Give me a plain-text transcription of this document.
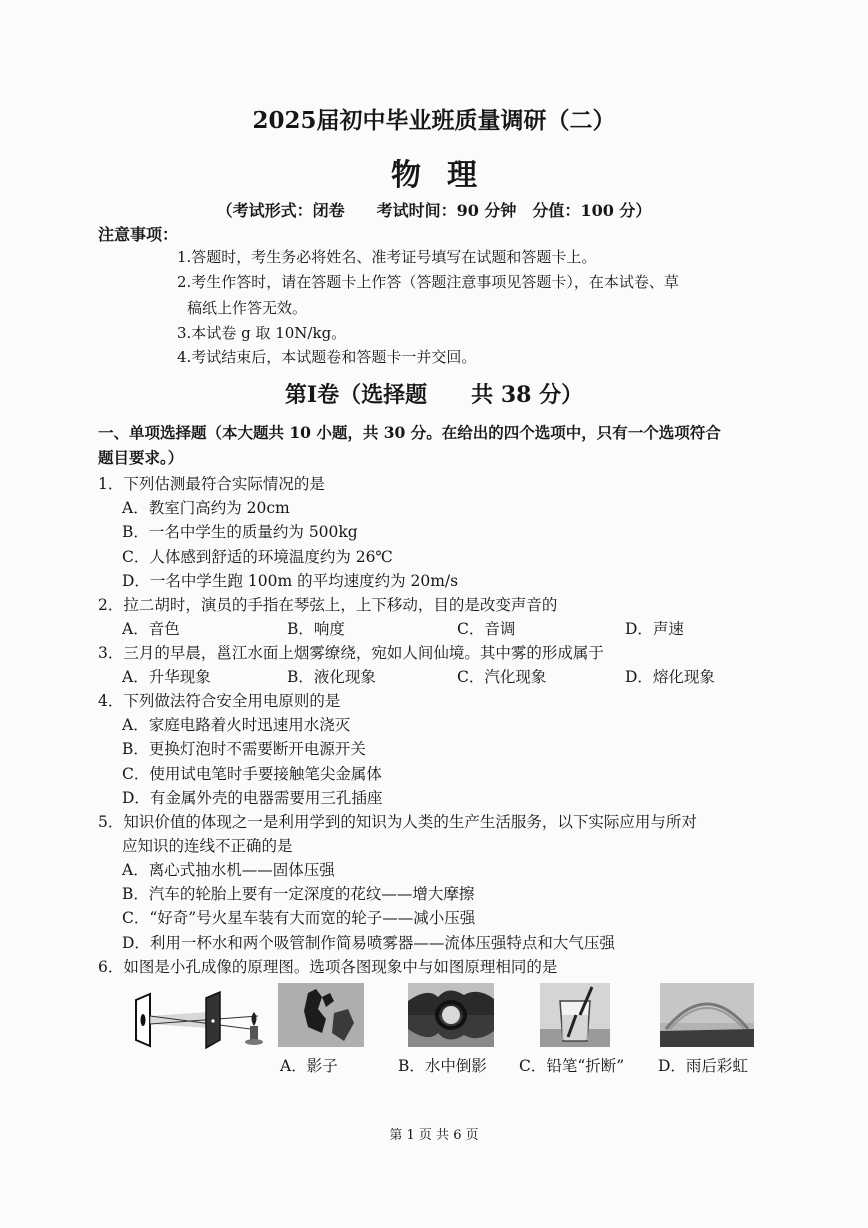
2025届初中毕业班质量调研（二）
物理
（考试形式：闭卷　　考试时间：90 分钟　分值：100 分）
注意事项：
1.答题时，考生务必将姓名、准考证号填写在试题和答题卡上。
2.考生作答时，请在答题卡上作答（答题注意事项见答题卡），在本试卷、草
稿纸上作答无效。
3.本试卷 g 取 10N/kg。
4.考试结束后，本试题卷和答题卡一并交回。
第Ⅰ卷（选择题　　共 38 分）
一、单项选择题（本大题共 10 小题，共 30 分。在给出的四个选项中，只有一个选项符合
题目要求。）
1．下列估测最符合实际情况的是
A．教室门高约为 20cm
B．一名中学生的质量约为 500kg
C．人体感到舒适的环境温度约为 26℃
D．一名中学生跑 100m 的平均速度约为 20m/s
2．拉二胡时，演员的手指在琴弦上，上下移动，目的是改变声音的
A．音色	B．响度	C．音调	D．声速
3．三月的早晨，邕江水面上烟雾缭绕，宛如人间仙境。其中雾的形成属于
A．升华现象	B．液化现象	C．汽化现象	D．熔化现象
4．下列做法符合安全用电原则的是
A．家庭电路着火时迅速用水浇灭
B．更换灯泡时不需要断开电源开关
C．使用试电笔时手要接触笔尖金属体
D．有金属外壳的电器需要用三孔插座
5．知识价值的体现之一是利用学到的知识为人类的生产生活服务，以下实际应用与所对
应知识的连线不正确的是
A．离心式抽水机——固体压强
B．汽车的轮胎上要有一定深度的花纹——增大摩擦
C．“好奇”号火星车装有大而宽的轮子——减小压强
D．利用一杯水和两个吸管制作简易喷雾器——流体压强特点和大气压强
6．如图是小孔成像的原理图。选项各图现象中与如图原理相同的是
A．影子	B．水中倒影 C．铅笔“折断” D．雨后彩虹
第 1 页 共 6 页
